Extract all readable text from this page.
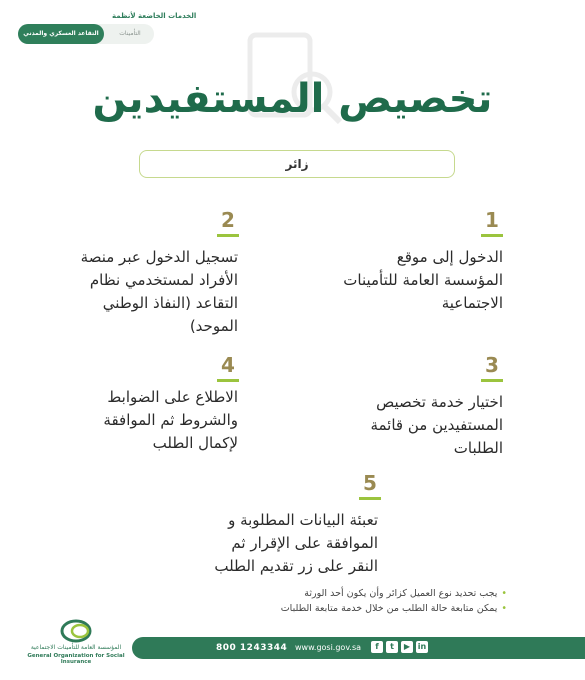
الخدمات الخاضعة لأنظمة
التقاعد العسكري والمدني	التأمينات
تخصيص المستفيدين
زائر
1
الدخول إلى موقع المؤسسة العامة للتأمينات الاجتماعية
2
تسجيل الدخول عبر منصة الأفراد لمستخدمي نظام التقاعد (النفاذ الوطني الموحد)
3
اختيار خدمة تخصيص المستفيدين من قائمة الطلبات
4
الاطلاع على الضوابط والشروط ثم الموافقة لإكمال الطلب
5
تعبئة البيانات المطلوبة و الموافقة على الإقرار ثم النقر على زر تقديم الطلب
•يجب تحديد نوع العميل كزائر وأن يكون أحد الورثة
•يمكن متابعة حالة الطلب من خلال خدمة متابعة الطلبات
المؤسسة العامة للتأمينات الاجتماعية
General Organization for Social Insurance
800 1243344 www.gosi.gov.sa	f	t	▶ in
